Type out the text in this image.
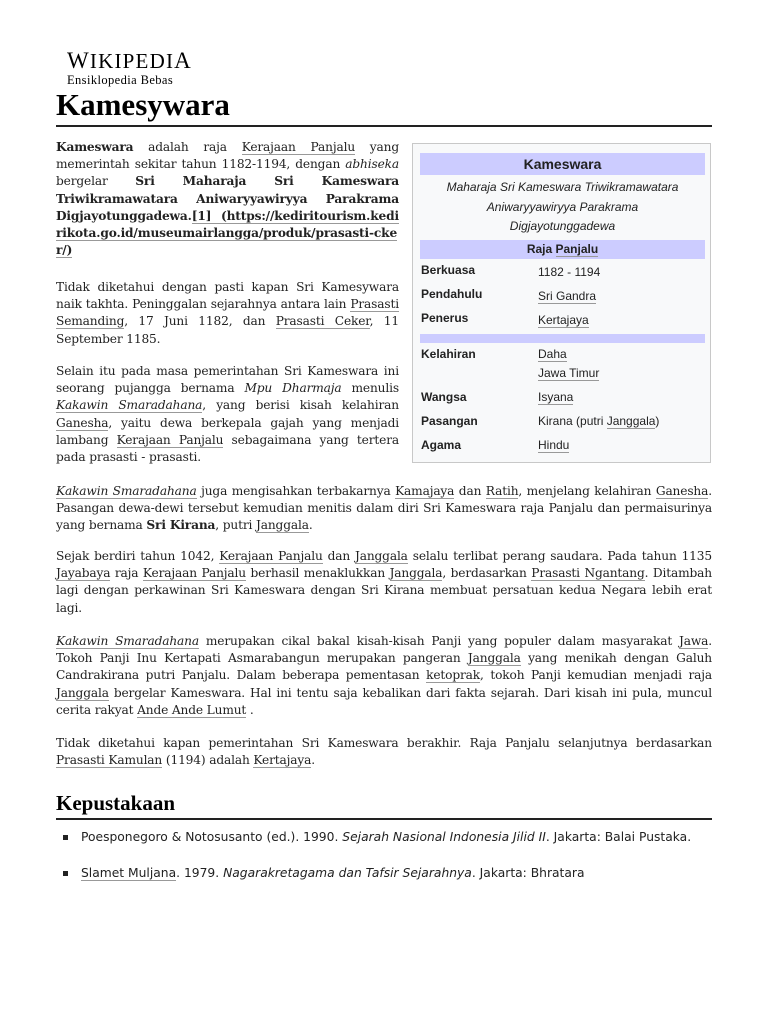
WIKIPEDIA
Ensiklopedia Bebas
Kamesywara
Kameswara adalah raja Kerajaan Panjalu yang memerintah sekitar tahun 1182-1194, dengan abhiseka bergelar Sri Maharaja Sri Kameswara Triwikramawatara Aniwaryyawiryya Parakrama Digjayotunggadewa.[1] (https://kediritourism.kedirikota.go.id/museumairlangga/produk/prasasti-cker/)
Tidak diketahui dengan pasti kapan Sri Kamesywara naik takhta. Peninggalan sejarahnya antara lain Prasasti Semanding, 17 Juni 1182, dan Prasasti Ceker, 11 September 1185.
Selain itu pada masa pemerintahan Sri Kameswara ini seorang pujangga bernama Mpu Dharmaja menulis Kakawin Smaradahana, yang berisi kisah kelahiran Ganesha, yaitu dewa berkepala gajah yang menjadi lambang Kerajaan Panjalu sebagaimana yang tertera pada prasasti - prasasti.
Kameswara
Maharaja Sri Kameswara Triwikramawatara
Aniwaryyawiryya Parakrama
Digjayotunggadewa
Raja Panjalu
Berkuasa	1182 - 1194
Pendahulu	Sri Gandra
Penerus	Kertajaya
Kelahiran	Daha
Jawa Timur
Wangsa	Isyana
Pasangan	Kirana (putri Janggala)
Agama	Hindu
Kakawin Smaradahana juga mengisahkan terbakarnya Kamajaya dan Ratih, menjelang kelahiran Ganesha. Pasangan dewa-dewi tersebut kemudian menitis dalam diri Sri Kameswara raja Panjalu dan permaisurinya yang bernama Sri Kirana, putri Janggala.
Sejak berdiri tahun 1042, Kerajaan Panjalu dan Janggala selalu terlibat perang saudara. Pada tahun 1135 Jayabaya raja Kerajaan Panjalu berhasil menaklukkan Janggala, berdasarkan Prasasti Ngantang. Ditambah lagi dengan perkawinan Sri Kameswara dengan Sri Kirana membuat persatuan kedua Negara lebih erat lagi.
Kakawin Smaradahana merupakan cikal bakal kisah-kisah Panji yang populer dalam masyarakat Jawa. Tokoh Panji Inu Kertapati Asmarabangun merupakan pangeran Janggala yang menikah dengan Galuh Candrakirana putri Panjalu. Dalam beberapa pementasan ketoprak, tokoh Panji kemudian menjadi raja Janggala bergelar Kameswara. Hal ini tentu saja kebalikan dari fakta sejarah. Dari kisah ini pula, muncul cerita rakyat Ande Ande Lumut .
Tidak diketahui kapan pemerintahan Sri Kameswara berakhir. Raja Panjalu selanjutnya berdasarkan Prasasti Kamulan (1194) adalah Kertajaya.
Kepustakaan
Poesponegoro & Notosusanto (ed.). 1990. Sejarah Nasional Indonesia Jilid II. Jakarta: Balai Pustaka.
Slamet Muljana. 1979. Nagarakretagama dan Tafsir Sejarahnya. Jakarta: Bhratara
